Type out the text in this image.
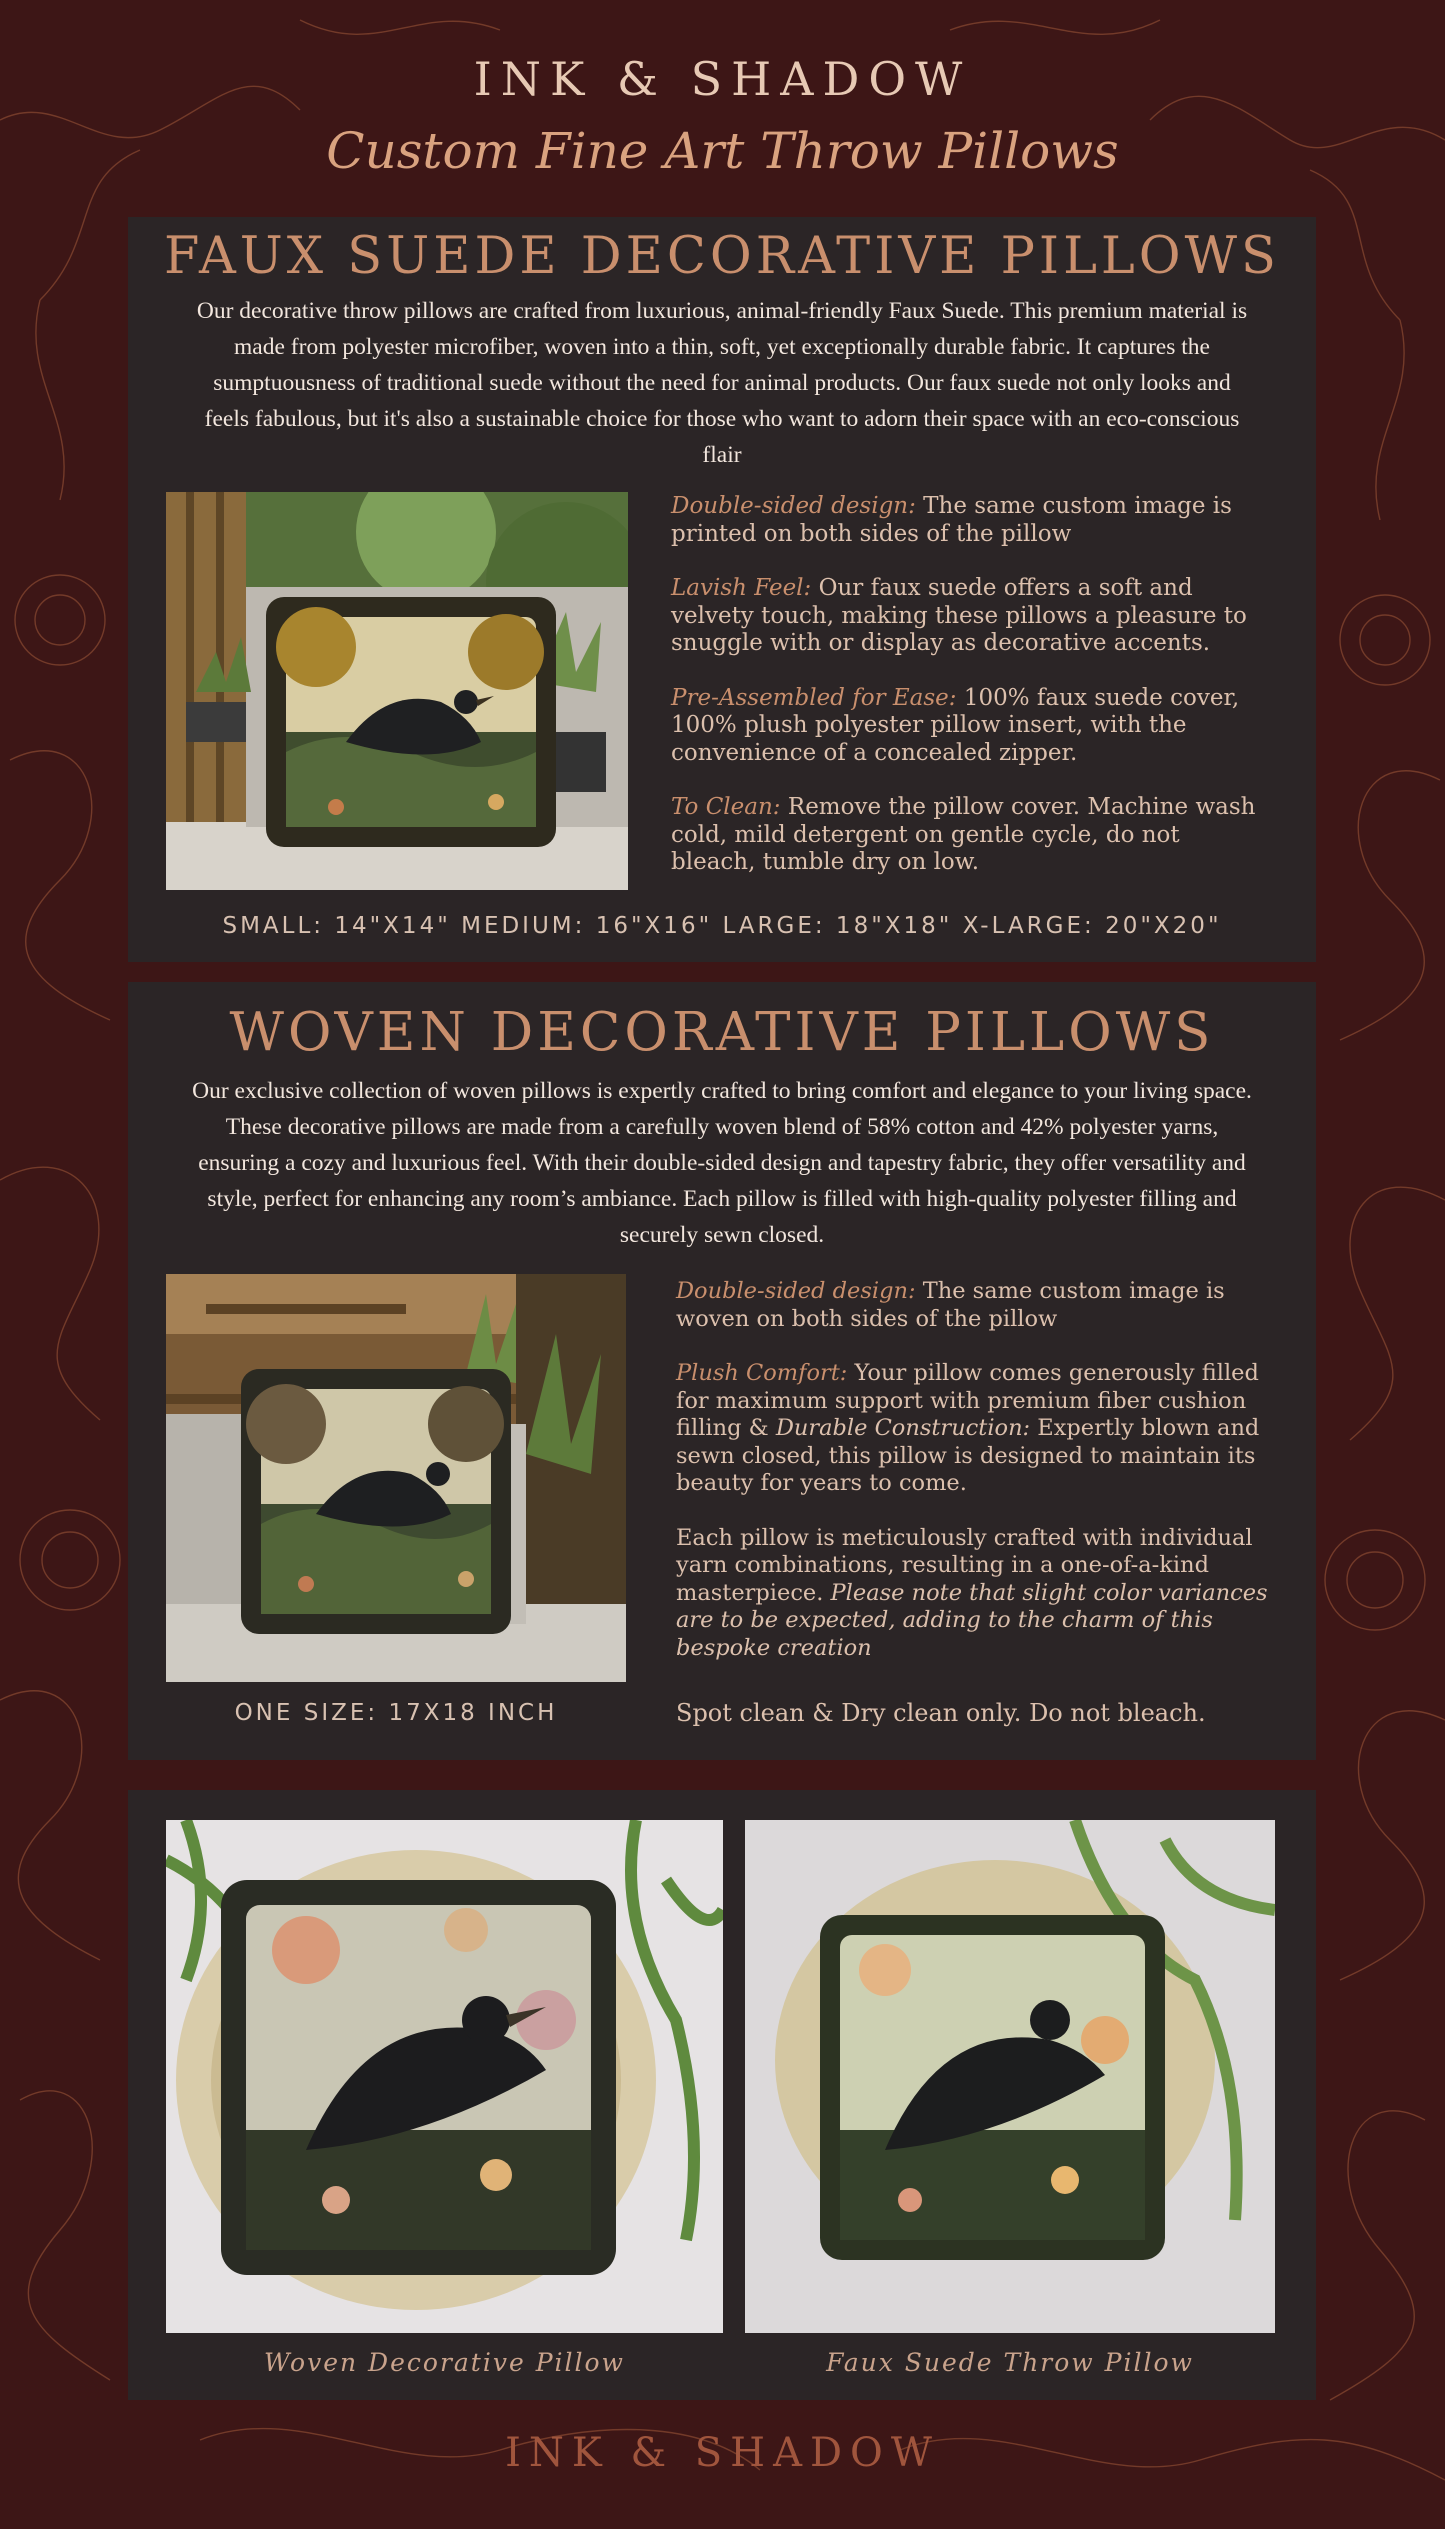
INK & SHADOW
Custom Fine Art Throw Pillows
FAUX SUEDE DECORATIVE PILLOWS
Our decorative throw pillows are crafted from luxurious, animal-friendly Faux Suede. This premium material is made from polyester microfiber, woven into a thin, soft, yet exceptionally durable fabric. It captures the sumptuousness of traditional suede without the need for animal products. Our faux suede not only looks and feels fabulous, but it's also a sustainable choice for those who want to adorn their space with an eco-conscious flair

Double-sided design: The same custom image is printed on both sides of the pillow

Lavish Feel: Our faux suede offers a soft and velvety touch, making these pillows a pleasure to snuggle with or display as decorative accents.

Pre-Assembled for Ease: 100% faux suede cover, 100% plush polyester pillow insert, with the convenience of a concealed zipper.

To Clean: Remove the pillow cover. Machine wash cold, mild detergent on gentle cycle, do not bleach, tumble dry on low.

SMALL: 14"X14" MEDIUM: 16"X16" LARGE: 18"X18" X-LARGE: 20"X20"
WOVEN DECORATIVE PILLOWS
Our exclusive collection of woven pillows is expertly crafted to bring comfort and elegance to your living space. These decorative pillows are made from a carefully woven blend of 58% cotton and 42% polyester yarns, ensuring a cozy and luxurious feel. With their double-sided design and tapestry fabric, they offer versatility and style, perfect for enhancing any room’s ambiance. Each pillow is filled with high-quality polyester filling and securely sewn closed.

Double-sided design: The same custom image is woven on both sides of the pillow

Plush Comfort: Your pillow comes generously filled for maximum support with premium fiber cushion filling & Durable Construction: Expertly blown and sewn closed, this pillow is designed to maintain its beauty for years to come.

Each pillow is meticulously crafted with individual yarn combinations, resulting in a one-of-a-kind masterpiece. Please note that slight color variances are to be expected, adding to the charm of this bespoke creation

ONE SIZE: 17X18 INCH	Spot clean & Dry clean only. Do not bleach.
Woven Decorative Pillow	Faux Suede Throw Pillow
INK & SHADOW
